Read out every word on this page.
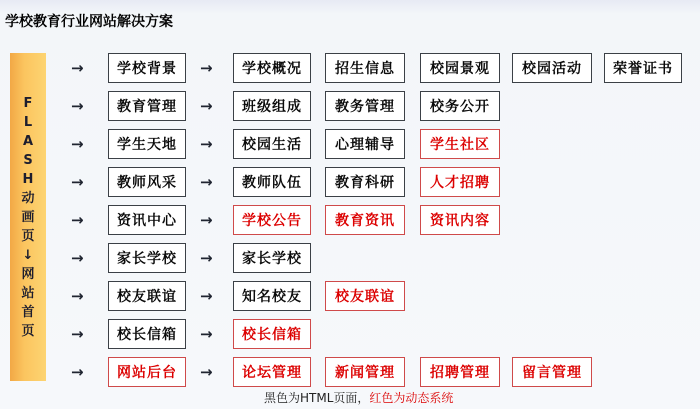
学校教育行业网站解决方案
F
L
A
S
H
动
画
页
↓
网
站
首
页
→	学校背景	→	学校概况	招生信息	校园景观	校园活动	荣誉证书
→	教育管理	→	班级组成	教务管理	校务公开
→	学生天地	→	校园生活	心理辅导	学生社区
→	教师风采	→	教师队伍	教育科研	人才招聘
→	资讯中心	→	学校公告	教育资讯	资讯内容
→	家长学校	→	家长学校
→	校友联谊	→	知名校友	校友联谊
→	校长信箱	→	校长信箱
→	网站后台	→	论坛管理	新闻管理	招聘管理	留言管理
黑色为HTML页面，红色为动态系统
